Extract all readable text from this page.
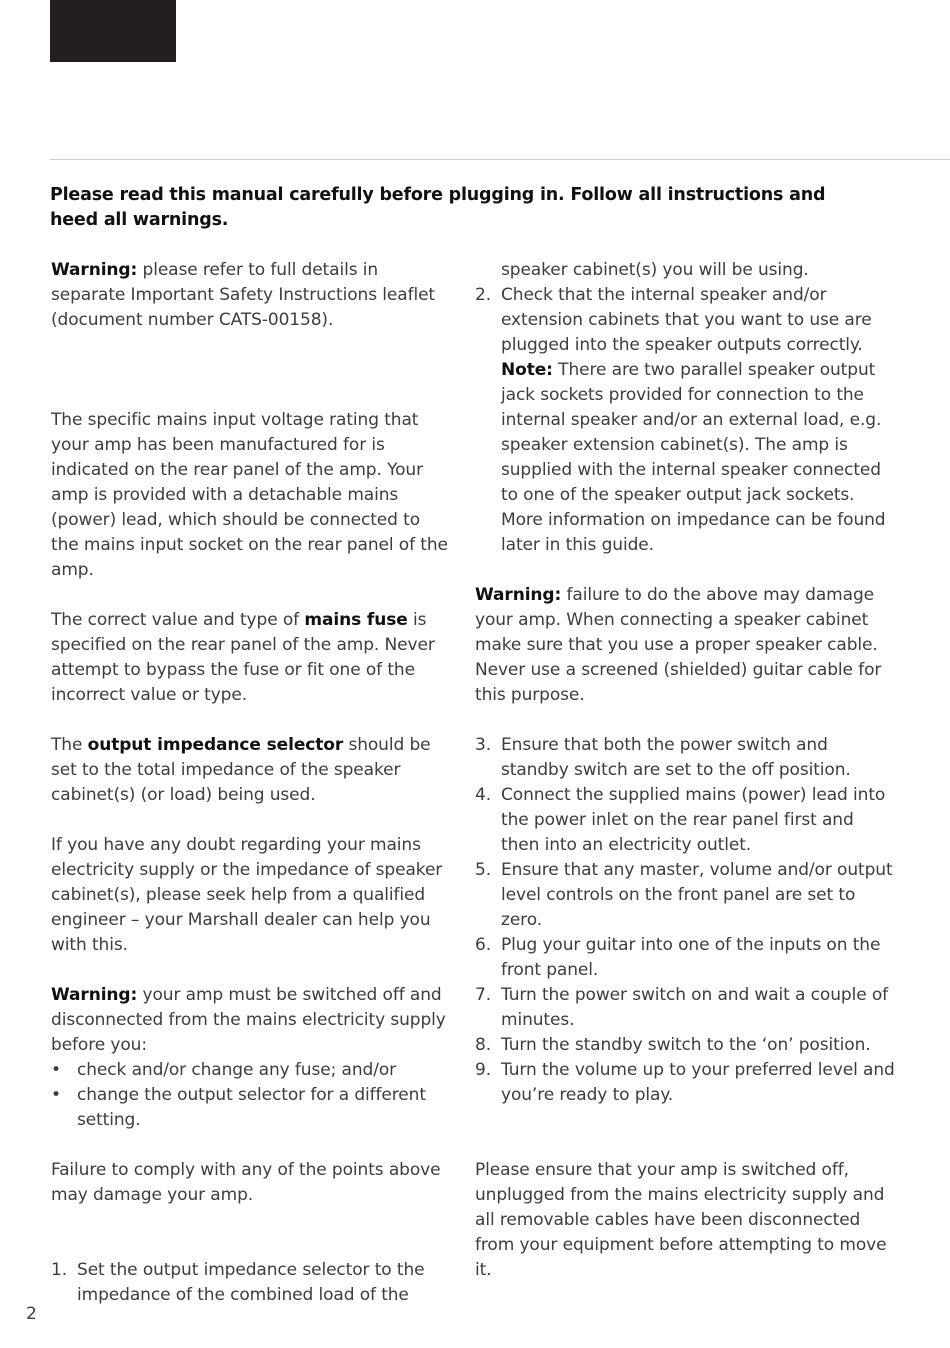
Please read this manual carefully before plugging in. Follow all instructions and heed all warnings.

Warning: please refer to full details in separate Important Safety Instructions leaflet (document number CATS-00158).

The specific mains input voltage rating that your amp has been manufactured for is indicated on the rear panel of the amp. Your amp is provided with a detachable mains (power) lead, which should be connected to the mains input socket on the rear panel of the amp.

The correct value and type of mains fuse is specified on the rear panel of the amp. Never attempt to bypass the fuse or fit one of the incorrect value or type.

The output impedance selector should be set to the total impedance of the speaker cabinet(s) (or load) being used.

If you have any doubt regarding your mains electricity supply or the impedance of speaker cabinet(s), please seek help from a qualified engineer – your Marshall dealer can help you with this.

Warning: your amp must be switched off and disconnected from the mains electricity supply before you:

• check and/or change any fuse; and/or
• change the output selector for a different setting.

Failure to comply with any of the points above may damage your amp.

1. Set the output impedance selector to the impedance of the combined load of the
speaker cabinet(s) you will be using.
2. Check that the internal speaker and/or extension cabinets that you want to use are plugged into the speaker outputs correctly.
Note: There are two parallel speaker output jack sockets provided for connection to the internal speaker and/or an external load, e.g. speaker extension cabinet(s). The amp is supplied with the internal speaker connected to one of the speaker output jack sockets. More information on impedance can be found later in this guide.

Warning: failure to do the above may damage your amp. When connecting a speaker cabinet make sure that you use a proper speaker cable. Never use a screened (shielded) guitar cable for this purpose.

3. Ensure that both the power switch and standby switch are set to the off position.
4. Connect the supplied mains (power) lead into the power inlet on the rear panel first and then into an electricity outlet.
5. Ensure that any master, volume and/or output level controls on the front panel are set to zero.
6. Plug your guitar into one of the inputs on the front panel.
7. Turn the power switch on and wait a couple of minutes.
8. Turn the standby switch to the ‘on’ position.
9. Turn the volume up to your preferred level and you’re ready to play.

Please ensure that your amp is switched off, unplugged from the mains electricity supply and all removable cables have been disconnected from your equipment before attempting to move it.

2
